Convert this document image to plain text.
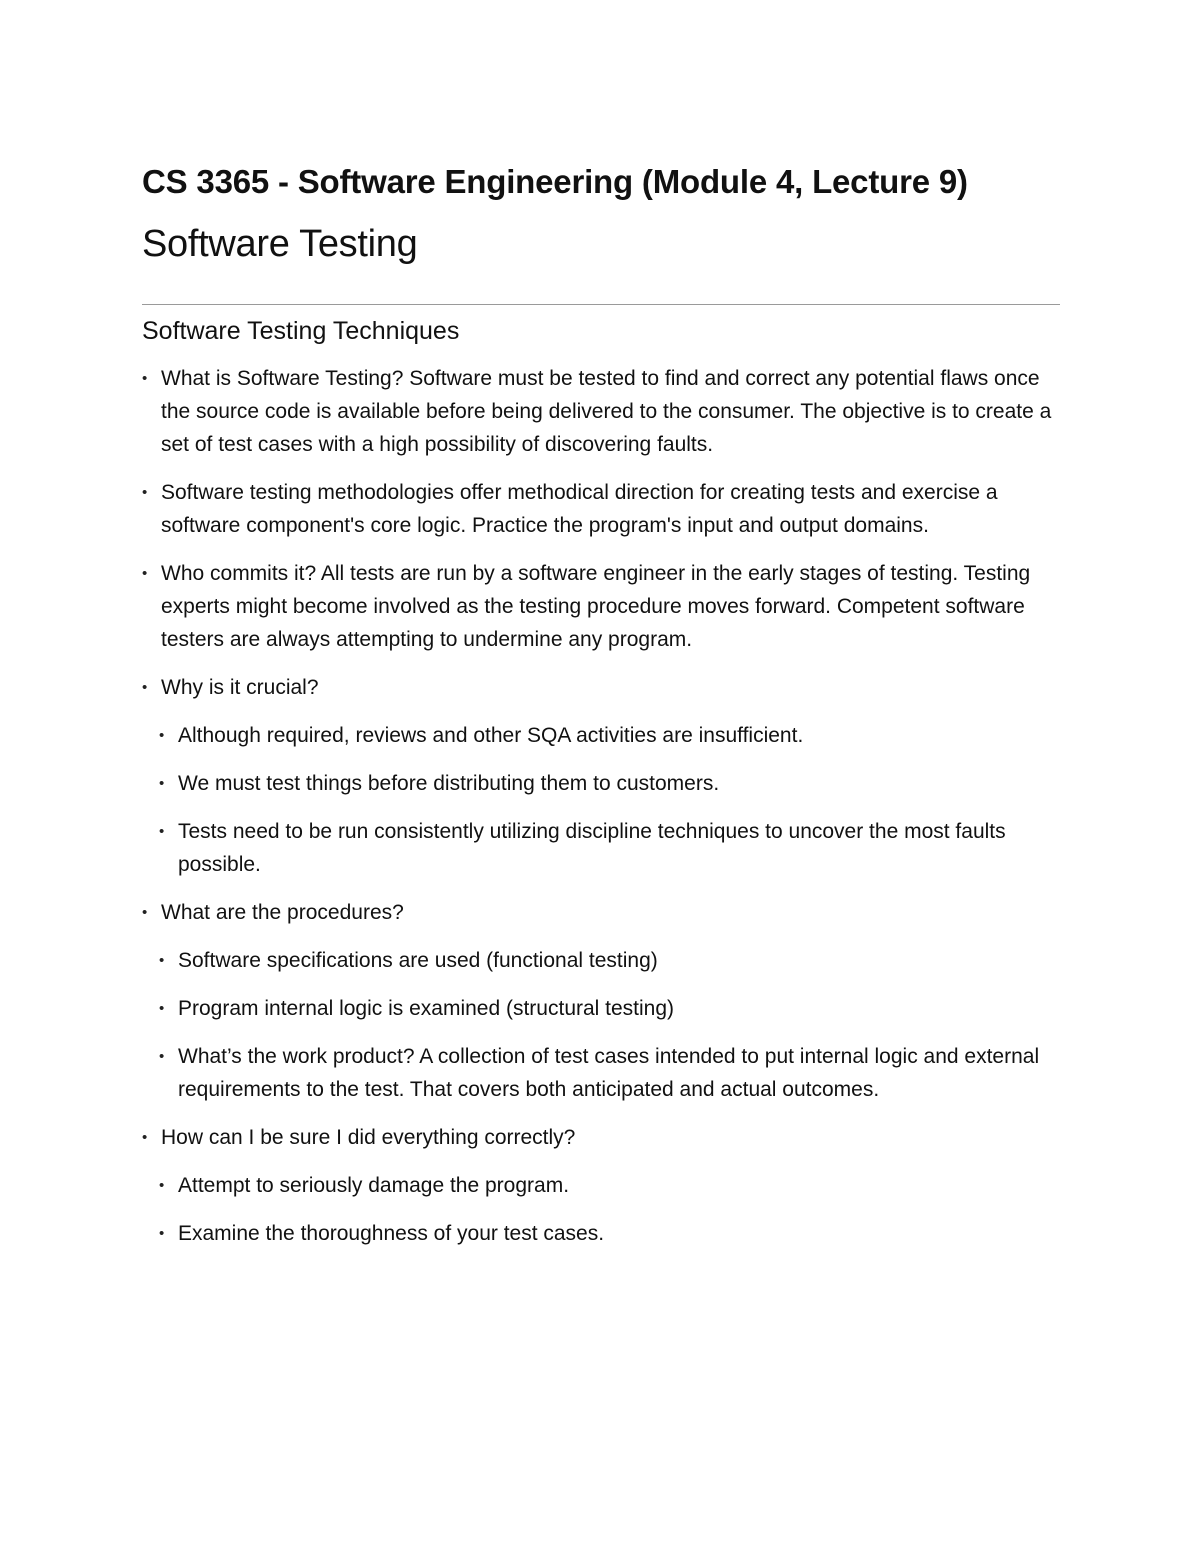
CS 3365 - Software Engineering (Module 4, Lecture 9)
Software Testing
Software Testing Techniques
• What is Software Testing? Software must be tested to find and correct any potential flaws once the source code is available before being delivered to the consumer. The objective is to create a set of test cases with a high possibility of discovering faults.
• Software testing methodologies offer methodical direction for creating tests and exercise a software component's core logic. Practice the program's input and output domains.
• Who commits it? All tests are run by a software engineer in the early stages of testing. Testing experts might become involved as the testing procedure moves forward. Competent software testers are always attempting to undermine any program.
• Why is it crucial?
• Although required, reviews and other SQA activities are insufficient.
• We must test things before distributing them to customers.
• Tests need to be run consistently utilizing discipline techniques to uncover the most faults possible.
• What are the procedures?
• Software specifications are used (functional testing)
• Program internal logic is examined (structural testing)
• What’s the work product? A collection of test cases intended to put internal logic and external requirements to the test. That covers both anticipated and actual outcomes.
• How can I be sure I did everything correctly?
• Attempt to seriously damage the program.
• Examine the thoroughness of your test cases.
